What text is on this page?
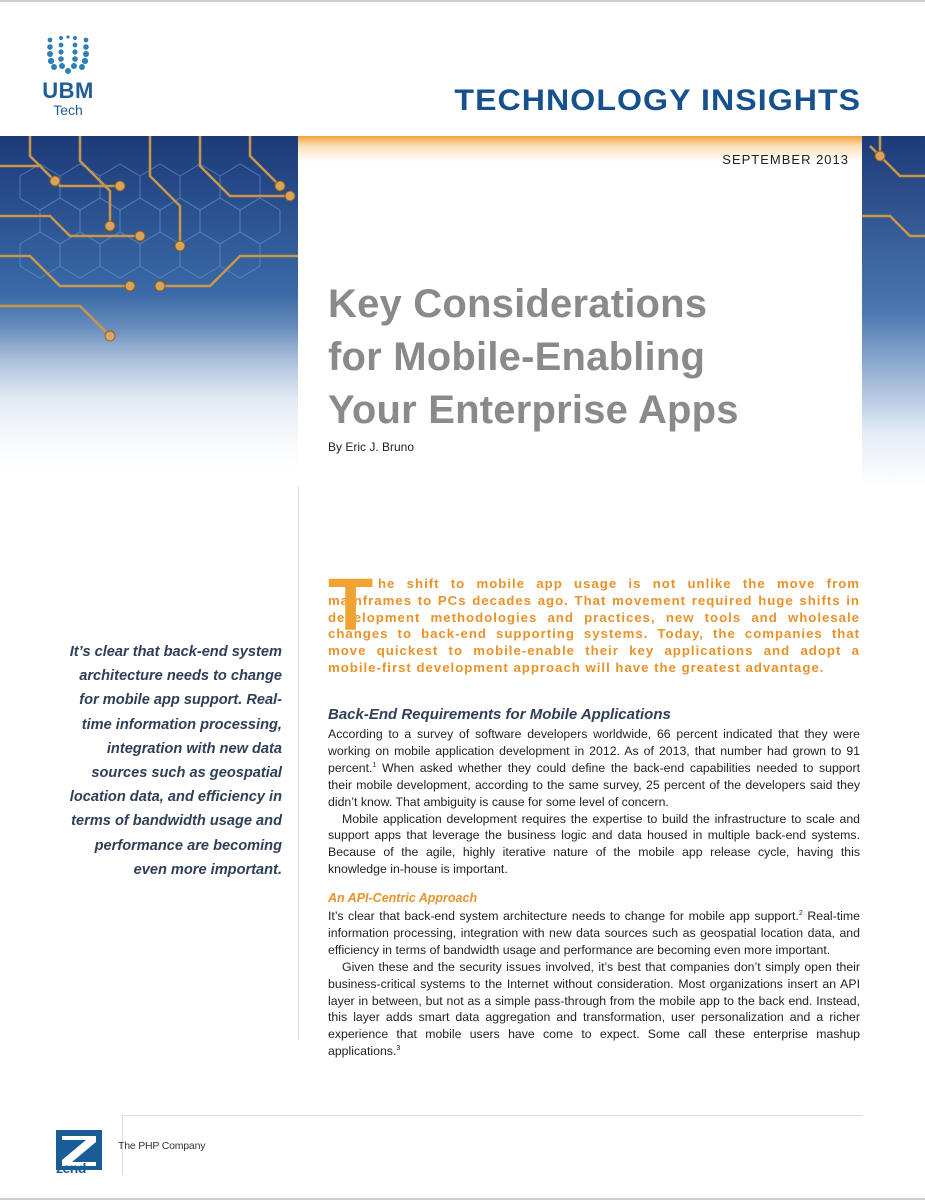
UBM
Tech	TECHNOLOGY INSIGHTS
SEPTEMBER 2013
Key Considerations
for Mobile-Enabling
Your Enterprise Apps
By Eric J. Bruno
It’s clear that back-end system architecture needs to change for mobile app support. Real-time information processing, integration with new data sources such as geospatial location data, and efficiency in terms of bandwidth usage and performance are becoming even more important.
T he shift to mobile app usage is not unlike the move from mainframes to PCs decades ago. That movement required huge shifts in development methodologies and practices, new tools and wholesale changes to back-end supporting systems. Today, the companies that move quickest to mobile-enable their key applications and adopt a mobile-first development approach will have the greatest advantage.

Back-End Requirements for Mobile Applications

According to a survey of software developers worldwide, 66 percent indicated that they were working on mobile application development in 2012. As of 2013, that number had grown to 91 percent.$^1$ When asked whether they could define the back-end capabilities needed to support their mobile development, according to the same survey, 25 percent of the developers said they didn’t know. That ambiguity is cause for some level of concern.

Mobile application development requires the expertise to build the infrastructure to scale and support apps that leverage the business logic and data housed in multiple back-end systems. Because of the agile, highly iterative nature of the mobile app release cycle, having this knowledge in-house is important.

An API-Centric Approach

It’s clear that back-end system architecture needs to change for mobile app support.$^2$ Real-time information processing, integration with new data sources such as geospatial location data, and efficiency in terms of bandwidth usage and performance are becoming even more important.

Given these and the security issues involved, it’s best that companies don’t simply open their business-critical systems to the Internet without consideration. Most organizations insert an API layer in between, but not as a simple pass-through from the mobile app to the back end. Instead, this layer adds smart data aggregation and transformation, user personalization and a richer experience that mobile users have come to expect. Some call these enterprise mashup applications.$^3$

zend
The PHP Company
